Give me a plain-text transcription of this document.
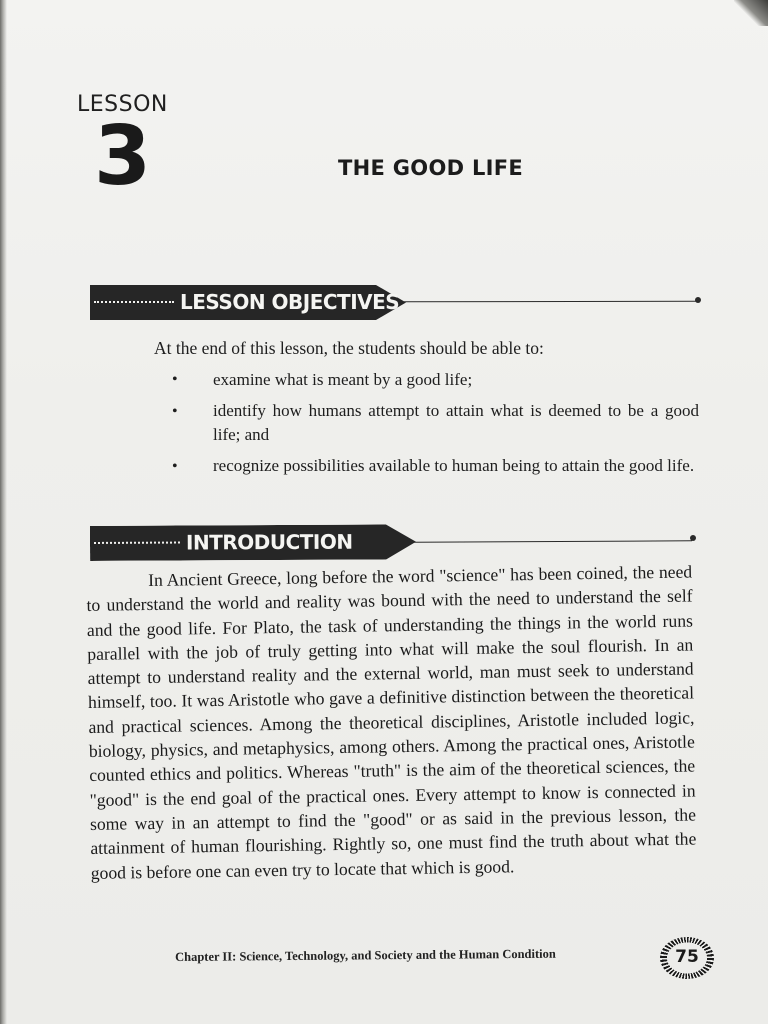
LESSON
3	THE GOOD LIFE
LESSON OBJECTIVES
At the end of this lesson, the students should be able to:
• examine what is meant by a good life;
• identify how humans attempt to attain what is deemed to be a good life; and
• recognize possibilities available to human being to attain the good life.
INTRODUCTION

In Ancient Greece, long before the word "science" has been coined, the need to understand the world and reality was bound with the need to understand the self and the good life. For Plato, the task of understanding the things in the world runs parallel with the job of truly getting into what will make the soul flourish. In an attempt to understand reality and the external world, man must seek to understand himself, too. It was Aristotle who gave a definitive distinction between the theoretical and practical sciences. Among the theoretical disciplines, Aristotle included logic, biology, physics, and metaphysics, among others. Among the practical ones, Aristotle counted ethics and politics. Whereas "truth" is the aim of the theoretical sciences, the "good" is the end goal of the practical ones. Every attempt to know is connected in some way in an attempt to find the "good" or as said in the previous lesson, the attainment of human flourishing. Rightly so, one must find the truth about what the good is before one can even try to locate that which is good.

Chapter II: Science, Technology, and Society and the Human Condition	75
